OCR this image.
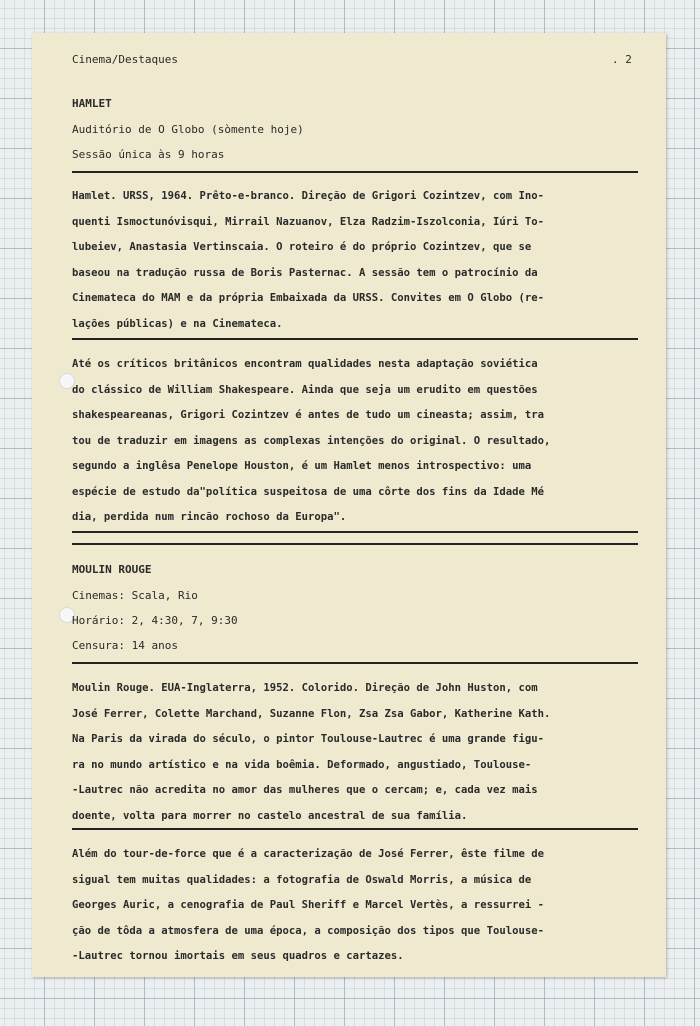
Cinema/Destaques	. 2
HAMLET
Auditório de O Globo (sòmente hoje)
Sessão única às 9 horas
Hamlet. URSS, 1964. Prêto-e-branco. Direção de Grigori Cozintzev, com Ino-
quenti Ismoctunóvisqui, Mirrail Nazuanov, Elza Radzim-Iszolconia, Iúri To-
lubeiev, Anastasia Vertinscaia. O roteiro é do próprio Cozintzev, que se
baseou na tradução russa de Boris Pasternac. A sessão tem o patrocínio da
Cinemateca do MAM e da própria Embaixada da URSS. Convites em O Globo (re-
lações públicas) e na Cinemateca.
Até os críticos britânicos encontram qualidades nesta adaptação soviética
do clássico de William Shakespeare. Ainda que seja um erudito em questões
shakespeareanas, Grigori Cozintzev é antes de tudo um cineasta; assim, tra
tou de traduzir em imagens as complexas intenções do original. O resultado,
segundo a inglêsa Penelope Houston, é um Hamlet menos introspectivo: uma
espécie de estudo da"política suspeitosa de uma côrte dos fins da Idade Mé
dia, perdida num rincão rochoso da Europa".
MOULIN ROUGE
Cinemas: Scala, Rio
Horário: 2, 4:30, 7, 9:30
Censura: 14 anos
Moulin Rouge. EUA-Inglaterra, 1952. Colorido. Direção de John Huston, com
José Ferrer, Colette Marchand, Suzanne Flon, Zsa Zsa Gabor, Katherine Kath.
Na Paris da virada do século, o pintor Toulouse-Lautrec é uma grande figu-
ra no mundo artístico e na vida boêmia. Deformado, angustiado, Toulouse-
-Lautrec não acredita no amor das mulheres que o cercam; e, cada vez mais
doente, volta para morrer no castelo ancestral de sua família.
Além do tour-de-force que é a caracterização de José Ferrer, êste filme de
sigual tem muitas qualidades: a fotografia de Oswald Morris, a música de
Georges Auric, a cenografia de Paul Sheriff e Marcel Vertès, a ressurrei -
ção de tôda a atmosfera de uma época, a composição dos tipos que Toulouse-
-Lautrec tornou imortais em seus quadros e cartazes.
